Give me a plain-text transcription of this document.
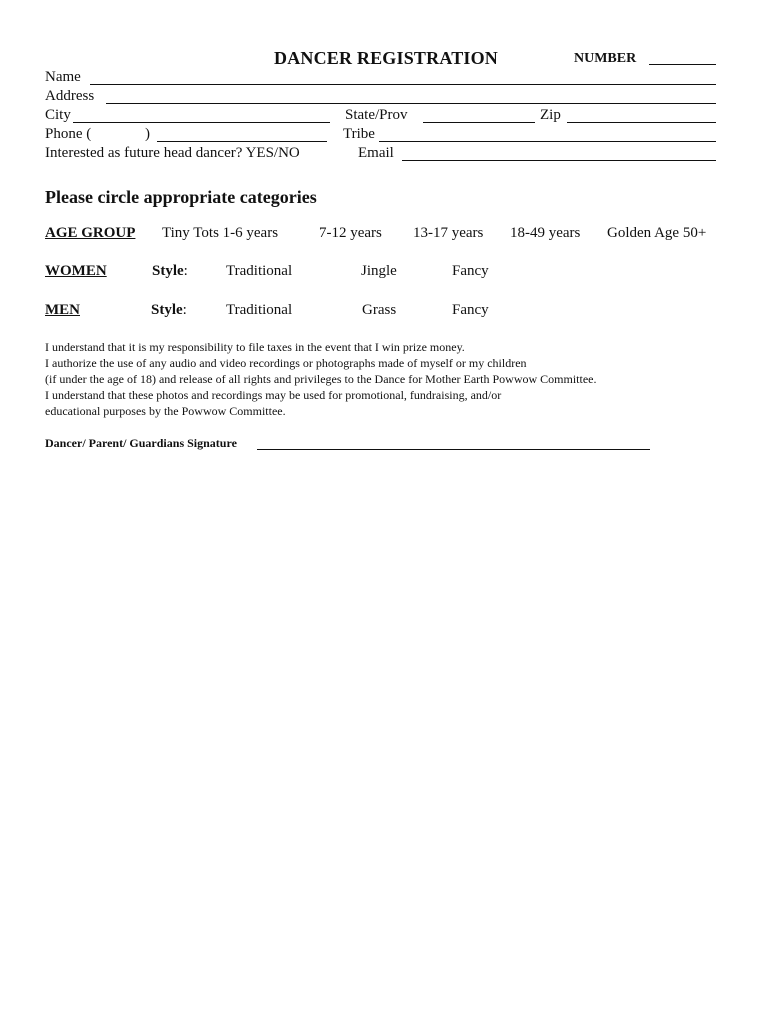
DANCER REGISTRATION	NUMBER
Name
Address
City	State/Prov	Zip
Phone (	)	Tribe
Interested as future head dancer? YES/NO	Email
Please circle appropriate categories
AGE GROUP Tiny Tots 1-6 years	7-12 years 13-17 years 18-49 years Golden Age 50+
WOMEN	Style:	Traditional	Jingle	Fancy
MEN	Style:	Traditional	Grass	Fancy
I understand that it is my responsibility to file taxes in the event that I win prize money.
I authorize the use of any audio and video recordings or photographs made of myself or my children
(if under the age of 18) and release of all rights and privileges to the Dance for Mother Earth Powwow Committee.
I understand that these photos and recordings may be used for promotional, fundraising, and/or
educational purposes by the Powwow Committee.
Dancer/ Parent/ Guardians Signature
